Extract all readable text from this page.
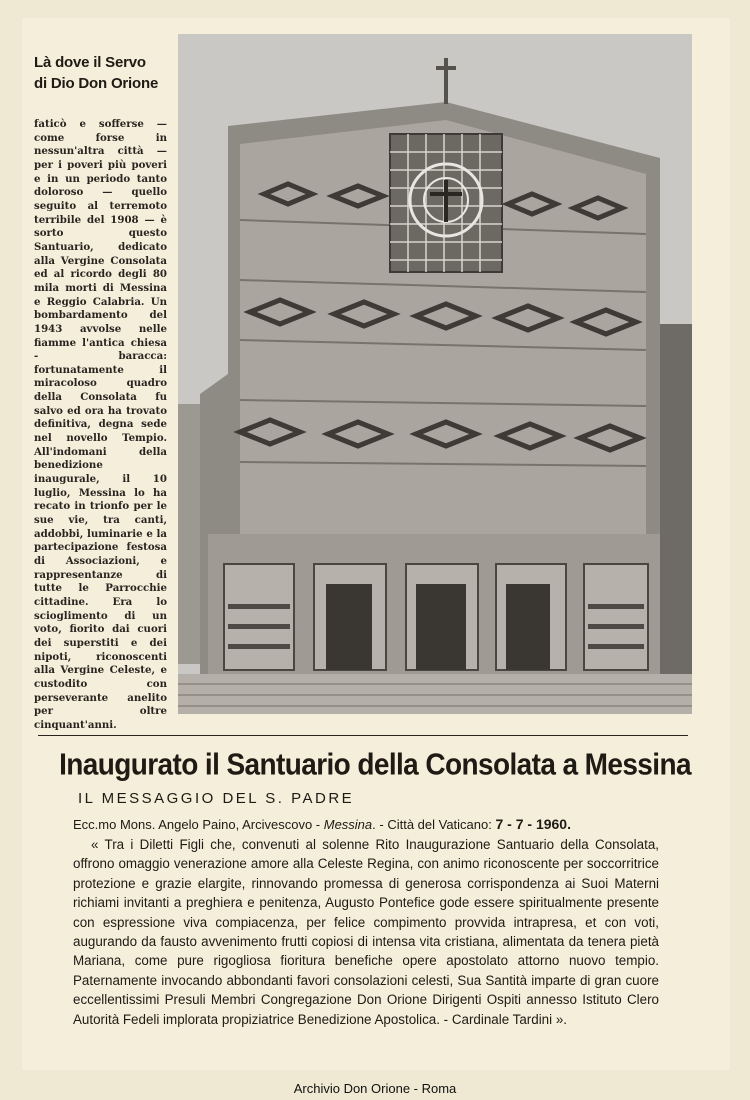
Là dove il Servo
di Dio Don Orione
faticò e sofferse — come forse in nessun'altra città — per i poveri più poveri e in un periodo tanto doloroso — quello seguito al terremoto terribile del 1908 — è sorto questo Santuario, dedicato alla Vergine Consolata ed al ricordo degli 80 mila morti di Messina e Reggio Calabria. Un bombardamento del 1943 avvolse nelle fiamme l'antica chiesa - baracca: fortunatamente il miracoloso quadro della Consolata fu salvo ed ora ha trovato definitiva, degna sede nel novello Tempio. All'indomani della benedizione inaugurale, il 10 luglio, Messina lo ha recato in trionfo per le sue vie, tra canti, addobbi, luminarie e la partecipazione festosa di Associazioni, e rappresentanze di tutte le Parrocchie cittadine. Era lo scioglimento di un voto, fiorito dai cuori dei superstiti e dei nipoti, riconoscenti alla Vergine Celeste, e custodito con perseverante anelito per oltre cinquant'anni.
Inaugurato il Santuario della Consolata a Messina
IL MESSAGGIO DEL S. PADRE
Ecc.mo Mons. Angelo Paino, Arcivescovo - Messina. - Città del Vaticano: 7 - 7 - 1960.
« Tra i Diletti Figli che, convenuti al solenne Rito Inaugurazione Santuario della Consolata, offrono omaggio venerazione amore alla Celeste Regina, con animo riconoscente per soccorritrice protezione e grazie elargite, rinnovando promessa di generosa corrispondenza ai Suoi Materni richiami invitanti a preghiera e penitenza, Augusto Pontefice gode essere spiritualmente presente con espressione viva compiacenza, per felice compimento provvida intrapresa, et con voti, augurando da fausto avvenimento frutti copiosi di intensa vita cristiana, alimentata da tenera pietà Mariana, come pure rigogliosa fioritura benefiche opere apostolato attorno nuovo tempio. Paternamente invocando abbondanti favori consolazioni celesti, Sua Santità imparte di gran cuore eccellentissimi Presuli Membri Congregazione Don Orione Dirigenti Ospiti annesso Istituto Clero Autorità Fedeli implorata propiziatrice Benedizione Apostolica. - Cardinale Tardini ».
Archivio Don Orione - Roma
